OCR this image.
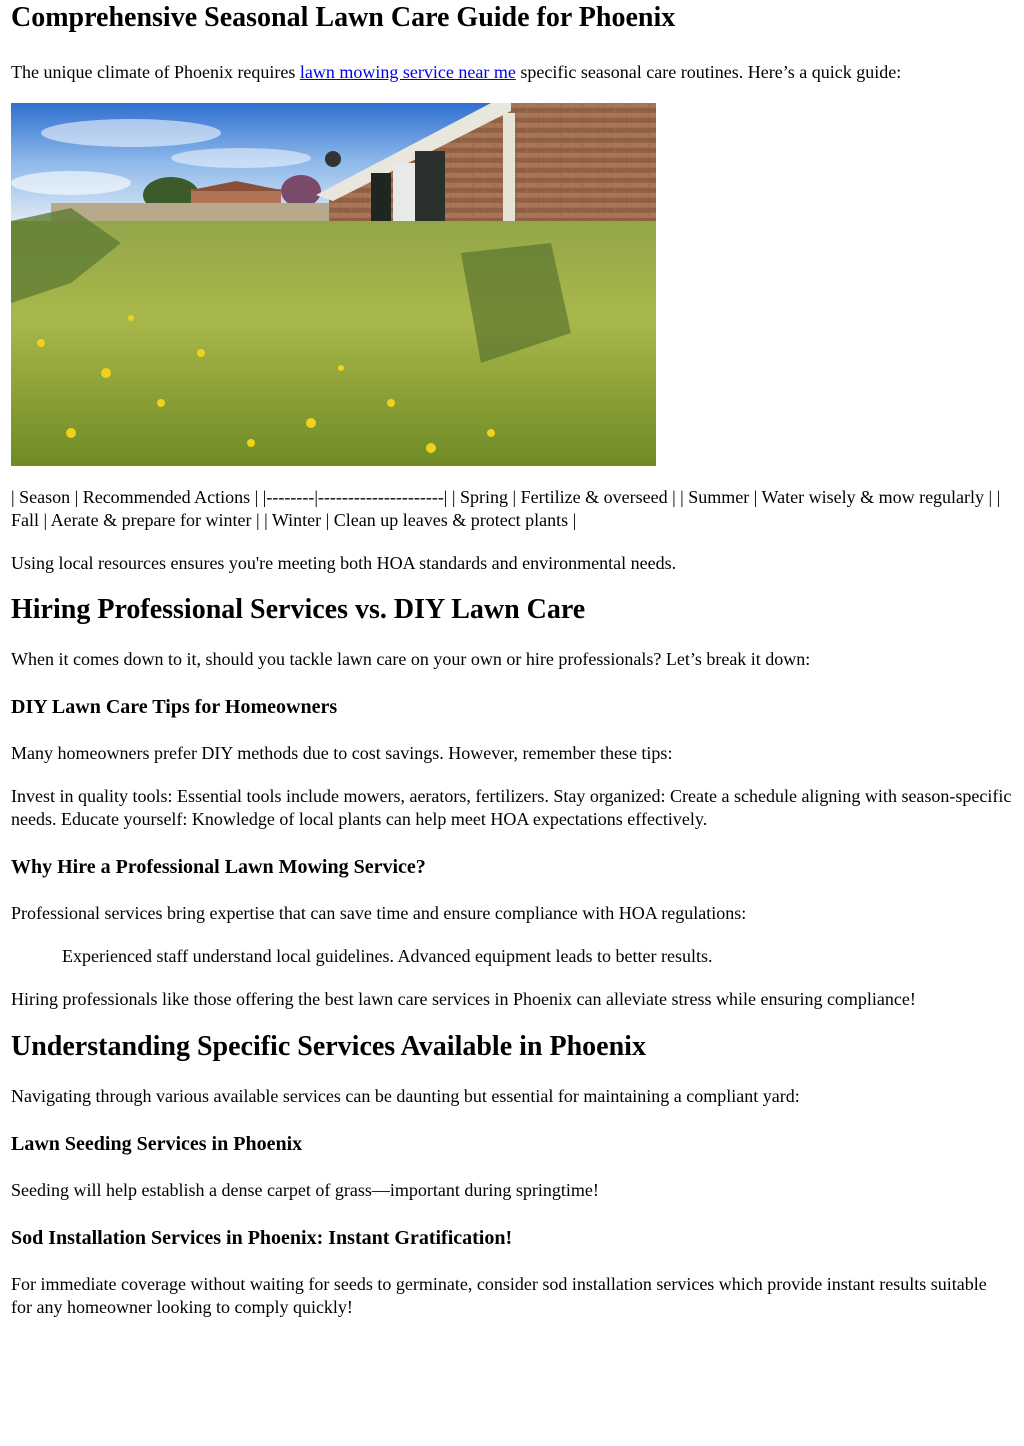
Comprehensive Seasonal Lawn Care Guide for Phoenix

The unique climate of Phoenix requires lawn mowing service near me specific seasonal care routines. Here’s a quick guide:

| Season | Recommended Actions | |--------|---------------------| | Spring | Fertilize & overseed | | Summer | Water wisely & mow regularly | | Fall | Aerate & prepare for winter | | Winter | Clean up leaves & protect plants |

Using local resources ensures you're meeting both HOA standards and environmental needs.

Hiring Professional Services vs. DIY Lawn Care

When it comes down to it, should you tackle lawn care on your own or hire professionals? Let’s break it down:

DIY Lawn Care Tips for Homeowners

Many homeowners prefer DIY methods due to cost savings. However, remember these tips:

Invest in quality tools: Essential tools include mowers, aerators, fertilizers. Stay organized: Create a schedule aligning with season-specific needs. Educate yourself: Knowledge of local plants can help meet HOA expectations effectively.

Why Hire a Professional Lawn Mowing Service?

Professional services bring expertise that can save time and ensure compliance with HOA regulations:

Experienced staff understand local guidelines. Advanced equipment leads to better results.

Hiring professionals like those offering the best lawn care services in Phoenix can alleviate stress while ensuring compliance!

Understanding Specific Services Available in Phoenix

Navigating through various available services can be daunting but essential for maintaining a compliant yard:

Lawn Seeding Services in Phoenix

Seeding will help establish a dense carpet of grass—important during springtime!

Sod Installation Services in Phoenix: Instant Gratification!

For immediate coverage without waiting for seeds to germinate, consider sod installation services which provide instant results suitable for any homeowner looking to comply quickly!
